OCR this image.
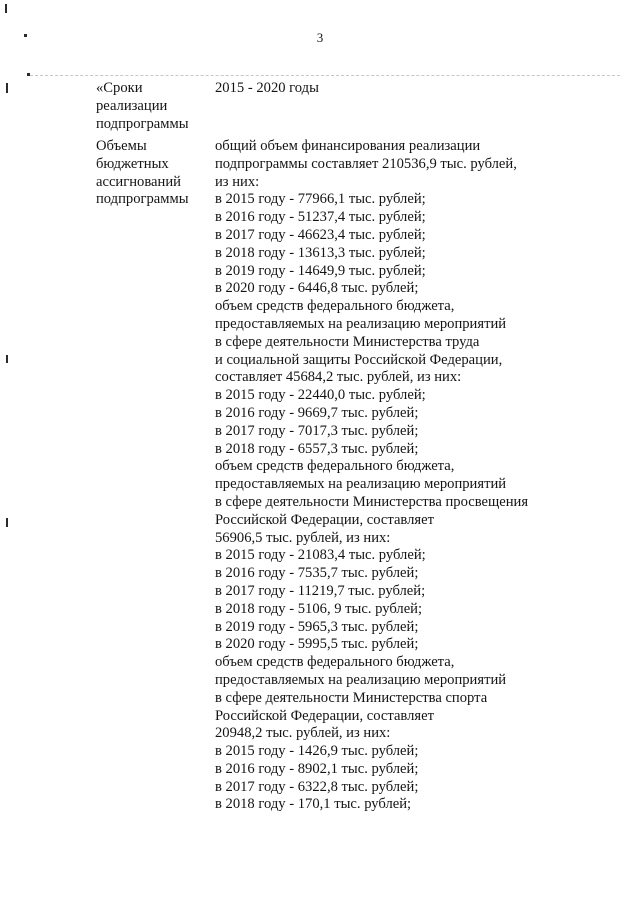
3
«Сроки
реализации
подпрограммы
2015 - 2020 годы
Объемы
бюджетных
ассигнований
подпрограммы
общий объем финансирования реализации
подпрограммы составляет 210536,9 тыс. рублей,
из них:
в 2015 году - 77966,1 тыс. рублей;
в 2016 году - 51237,4 тыс. рублей;
в 2017 году - 46623,4 тыс. рублей;
в 2018 году - 13613,3 тыс. рублей;
в 2019 году - 14649,9 тыс. рублей;
в 2020 году - 6446,8 тыс. рублей;
объем средств федерального бюджета,
предоставляемых на реализацию мероприятий
в сфере деятельности Министерства труда
и социальной защиты Российской Федерации,
составляет 45684,2 тыс. рублей, из них:
в 2015 году - 22440,0 тыс. рублей;
в 2016 году - 9669,7 тыс. рублей;
в 2017 году - 7017,3 тыс. рублей;
в 2018 году - 6557,3 тыс. рублей;
объем средств федерального бюджета,
предоставляемых на реализацию мероприятий
в сфере деятельности Министерства просвещения
Российской Федерации, составляет
56906,5 тыс. рублей, из них:
в 2015 году - 21083,4 тыс. рублей;
в 2016 году - 7535,7 тыс. рублей;
в 2017 году - 11219,7 тыс. рублей;
в 2018 году - 5106, 9 тыс. рублей;
в 2019 году - 5965,3 тыс. рублей;
в 2020 году - 5995,5 тыс. рублей;
объем средств федерального бюджета,
предоставляемых на реализацию мероприятий
в сфере деятельности Министерства спорта
Российской Федерации, составляет
20948,2 тыс. рублей, из них:
в 2015 году - 1426,9 тыс. рублей;
в 2016 году - 8902,1 тыс. рублей;
в 2017 году - 6322,8 тыс. рублей;
в 2018 году - 170,1 тыс. рублей;
